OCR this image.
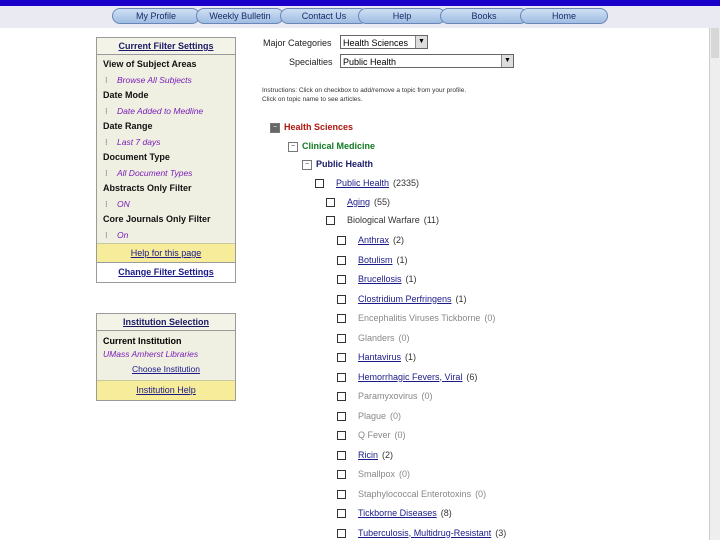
My Profile	Weekly Bulletin	Contact Us	Help	Books	Home
Current Filter Settings
View of Subject Areas
⁝ Browse All Subjects
Date Mode
⁝ Date Added to Medline
Date Range
⁝ Last 7 days
Document Type
⁝ All Document Types
Abstracts Only Filter
⁝ ON
Core Journals Only Filter
⁝ On
Help for this page
Change Filter Settings
Institution Selection
Current Institution
UMass Amherst Libraries
Choose Institution
Institution Help
Major Categories	Health Sciences	▼
Specialties	Public Health	▼
Instructions: Click on checkbox to add/remove a topic from your profile.
Click on topic name to see articles.
− Health Sciences
− Clinical Medicine
− Public Health
Public Health (2335)
Aging (55)
Biological Warfare (11)
Anthrax (2)
Botulism (1)
Brucellosis (1)
Clostridium Perfringens (1)
Encephalitis Viruses Tickborne (0)
Glanders (0)
Hantavirus (1)
Hemorrhagic Fevers, Viral (6)
Paramyxovirus (0)
Plague (0)
Q Fever (0)
Ricin (2)
Smallpox (0)
Staphylococcal Enterotoxins (0)
Tickborne Diseases (8)
Tuberculosis, Multidrug-Resistant (3)
